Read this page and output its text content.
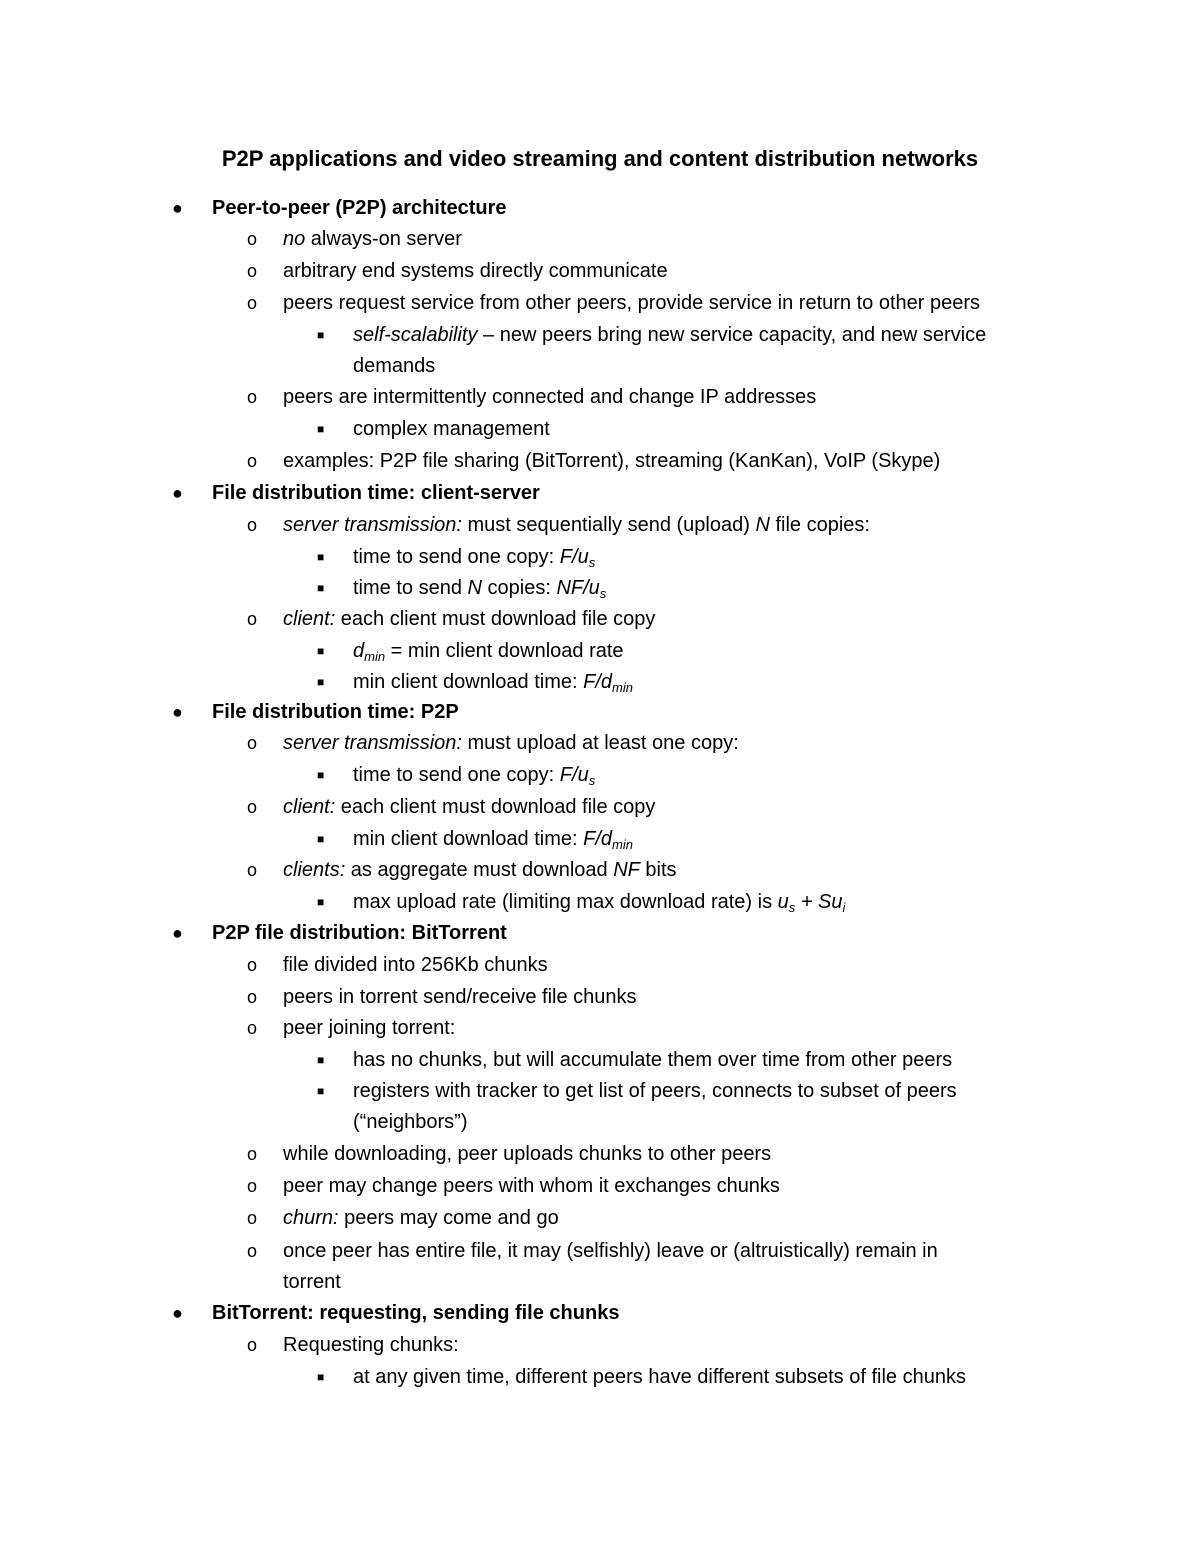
P2P applications and video streaming and content distribution networks
● Peer-to-peer (P2P) architecture
o no always-on server
o arbitrary end systems directly communicate
o peers request service from other peers, provide service in return to other peers
■ self-scalability – new peers bring new service capacity, and new service
demands
o peers are intermittently connected and change IP addresses
■ complex management
o examples: P2P file sharing (BitTorrent), streaming (KanKan), VoIP (Skype)
● File distribution time: client-server
o server transmission: must sequentially send (upload) N file copies:
■ time to send one copy: $F/u_s$
■ time to send N copies: $NF/u_s$
o client: each client must download file copy
■ $d_{min} = \min$ client download rate
■ min client download time: $F/d_{min}$
● File distribution time: P2P
o server transmission: must upload at least one copy:
■ time to send one copy: $F/u_s$
o client: each client must download file copy
■ min client download time: $F/d_{min}$
o clients: as aggregate must download NF bits
■ max upload rate (limiting max download rate) is $u_s + Su_i$
● P2P file distribution: BitTorrent
o file divided into 256Kb chunks
o peers in torrent send/receive file chunks
o peer joining torrent:
■ has no chunks, but will accumulate them over time from other peers
■ registers with tracker to get list of peers, connects to subset of peers
(“neighbors”)
o while downloading, peer uploads chunks to other peers
o peer may change peers with whom it exchanges chunks
o churn: peers may come and go
o once peer has entire file, it may (selfishly) leave or (altruistically) remain in
torrent
● BitTorrent: requesting, sending file chunks
o Requesting chunks:
■ at any given time, different peers have different subsets of file chunks
